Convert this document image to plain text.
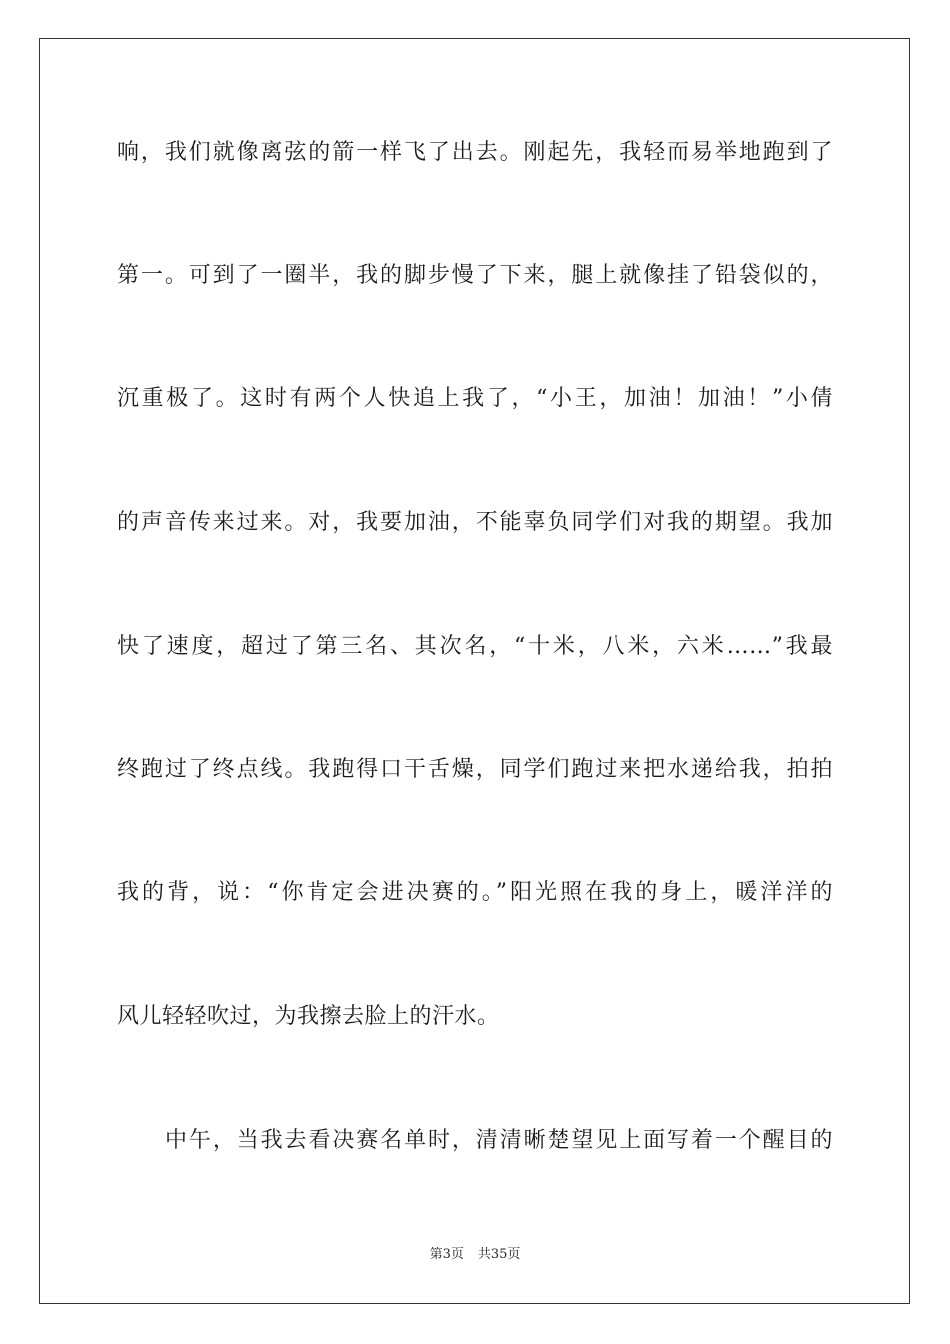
响，我们就像离弦的箭一样飞了出去。刚起先，我轻而易举地跑到了
第一。可到了一圈半，我的脚步慢了下来，腿上就像挂了铅袋似的，
沉重极了。这时有两个人快追上我了，“小王，加油！加油！”小倩
的声音传来过来。对，我要加油，不能辜负同学们对我的期望。我加
快了速度，超过了第三名、其次名，“十米，八米，六米……”我最
终跑过了终点线。我跑得口干舌燥，同学们跑过来把水递给我，拍拍
我的背，说：“你肯定会进决赛的。”阳光照在我的身上，暖洋洋的
风儿轻轻吹过，为我擦去脸上的汗水。
中午，当我去看决赛名单时，清清晰楚望见上面写着一个醒目的
第3页 共35页
